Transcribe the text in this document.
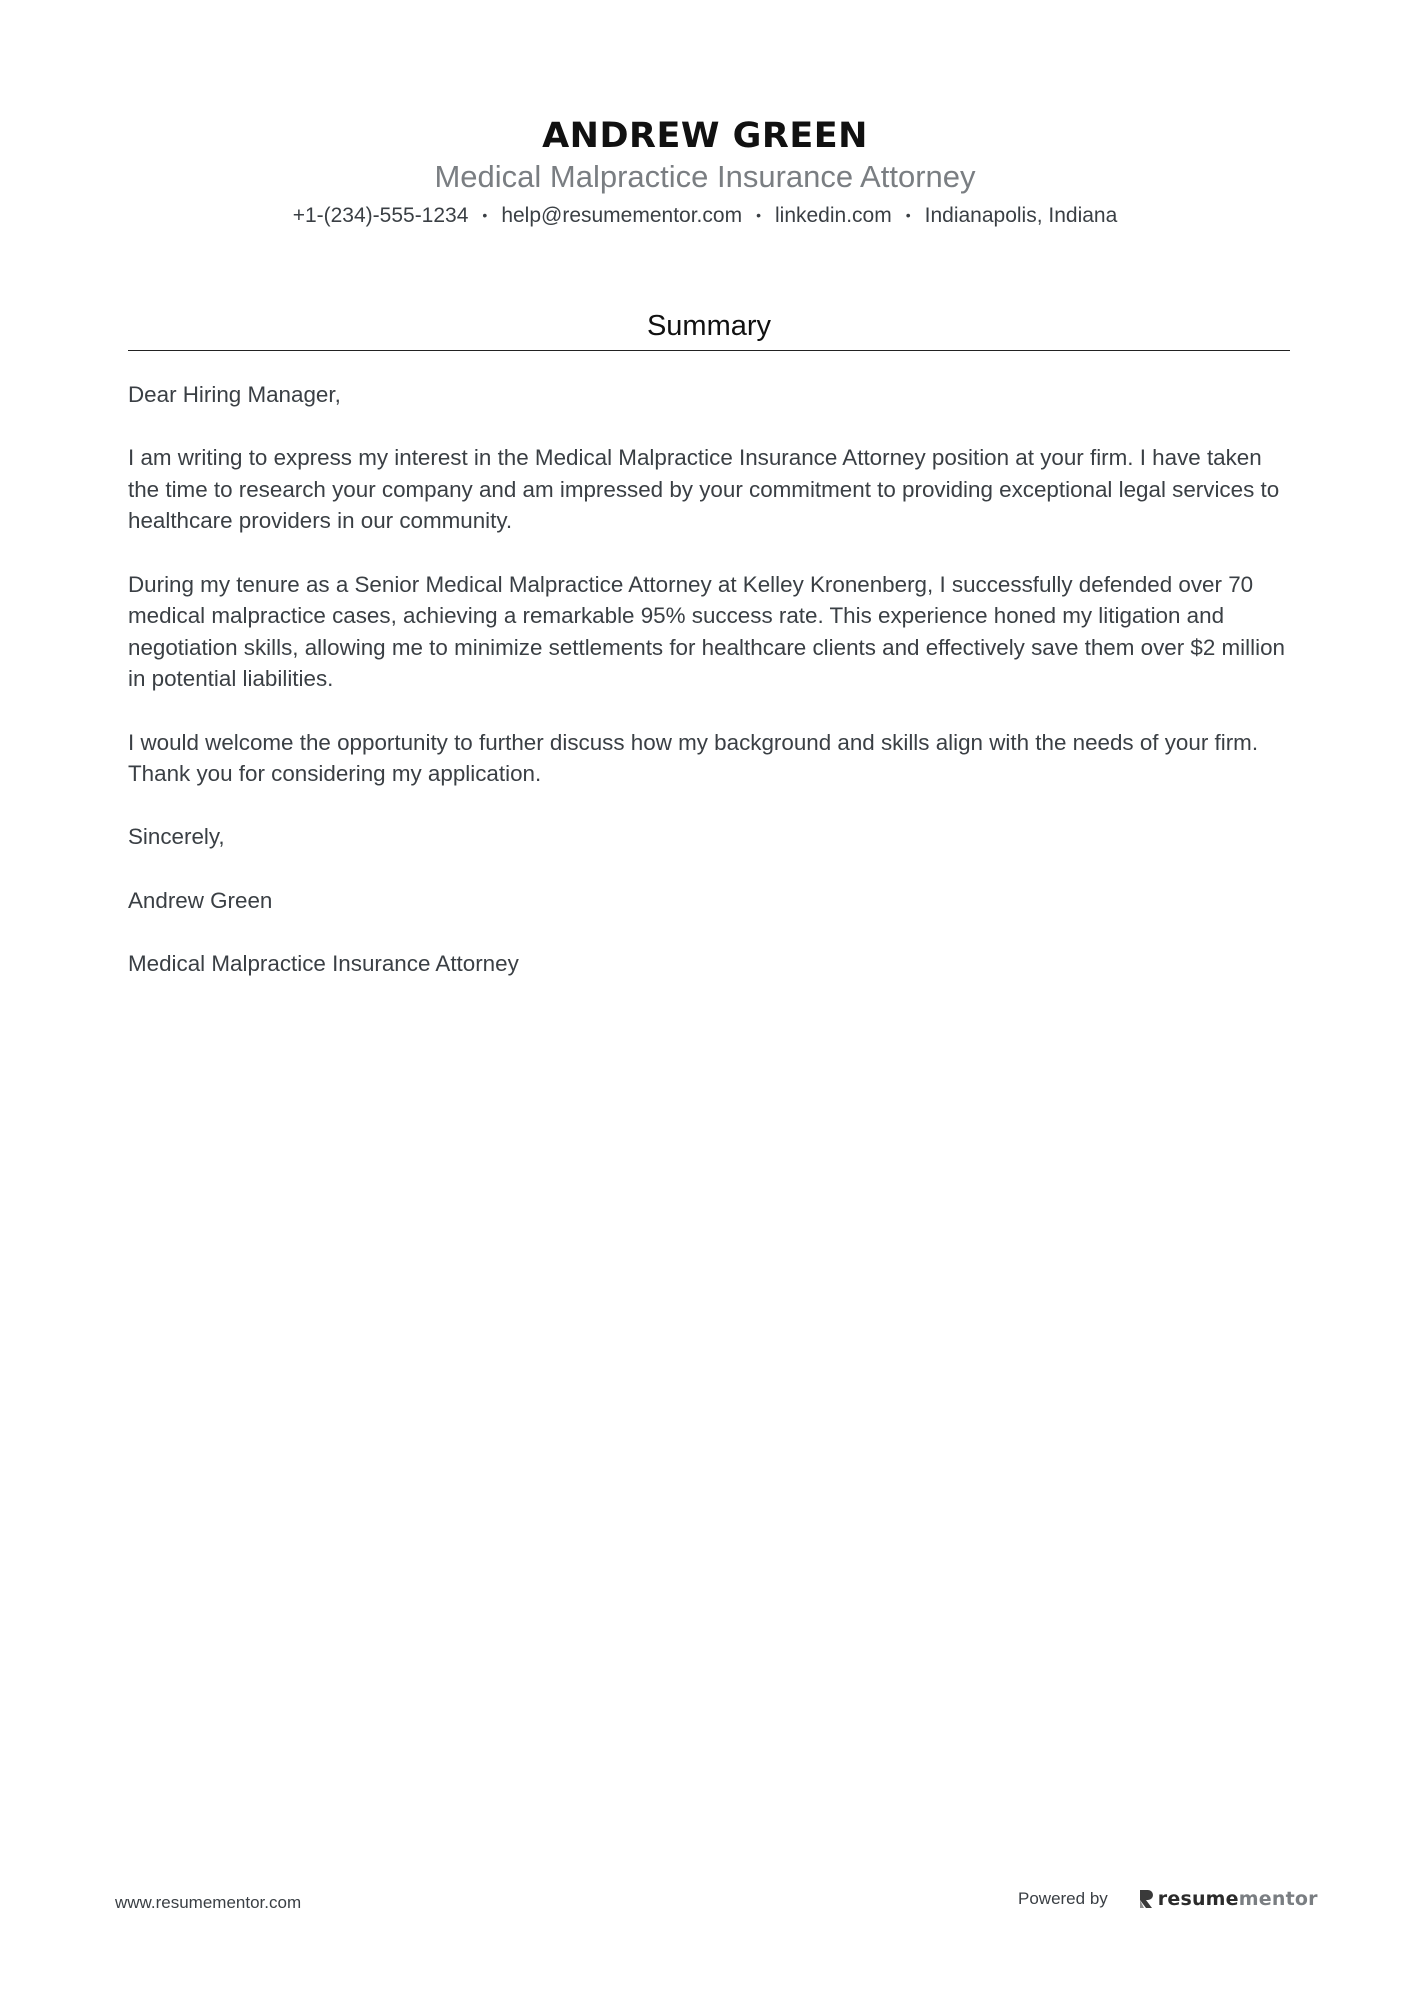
ANDREW GREEN
Medical Malpractice Insurance Attorney
+1-(234)-555-1234 • help@resumementor.com • linkedin.com • Indianapolis, Indiana
Summary

Dear Hiring Manager,

I am writing to express my interest in the Medical Malpractice Insurance Attorney position at your firm. I have taken the time to research your company and am impressed by your commitment to providing exceptional legal services to healthcare providers in our community.

During my tenure as a Senior Medical Malpractice Attorney at Kelley Kronenberg, I successfully defended over 70 medical malpractice cases, achieving a remarkable 95% success rate. This experience honed my litigation and negotiation skills, allowing me to minimize settlements for healthcare clients and effectively save them over $2 million in potential liabilities.

I would welcome the opportunity to further discuss how my background and skills align with the needs of your firm. Thank you for considering my application.

Sincerely,

Andrew Green

Medical Malpractice Insurance Attorney

www.resumementor.com	Powered by	resumementor
